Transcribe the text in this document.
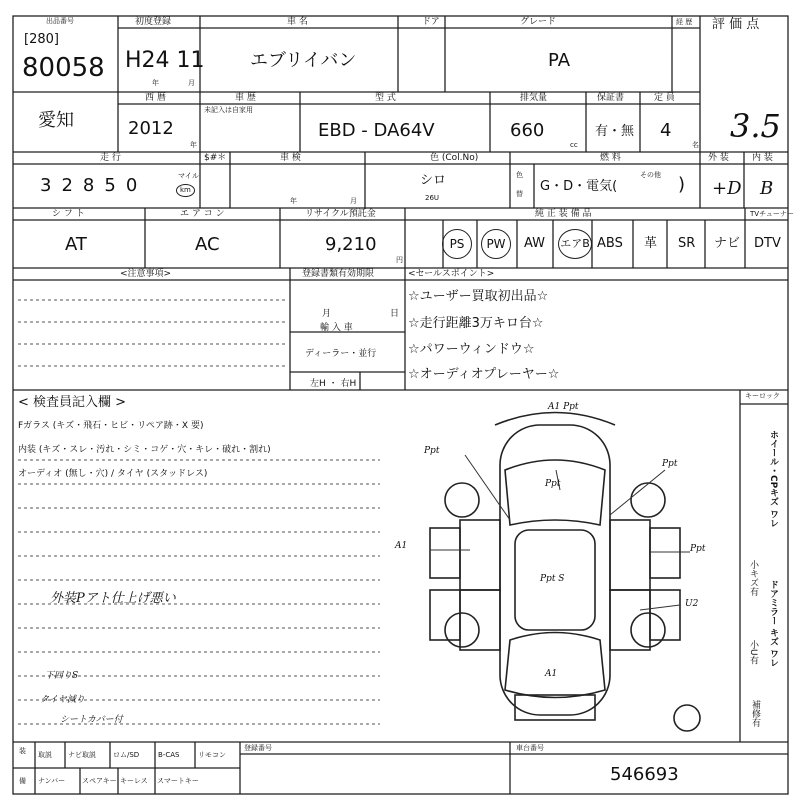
出品番号
[280]
80058
初度登録
H24 11
年	月
車 名
エブリイバン
ドア	グレード
PA
経 歴 評 価 点
愛知
西 暦
2012
年
車 歴
未記入は自家用
型 式
EBD - DA64V
排気量
660
cc
保証書
有・無
定 員
4
名 3.5
走 行
3 2 8 5 0	マイル
km
$#＊	車 検
年	月
色 (Col.No)
シロ
26U
色
替
燃 料
G・D・電気(
その他 )
外 装
+D
内 装
B
シ フ ト
AT
エ ア コ ン
AC
リサイクル預託金
9,210
円
純 正 装 備 品	TVチューナー
PS	PW	AW エアB ABS 革 SR ナビ DTV
<注意事項>	登録書類有効期限
月	日
輸 入 車
ディーラー・並行
左H ・ 右H
<セールスポイント>
☆ユーザー買取初出品☆
☆走行距離3万キロ台☆
☆パワーウィンドウ☆
☆オーディオプレーヤー☆
< 検査員記入欄 >
Fガラス (キズ・飛石・ヒビ・リペア跡・X 要)
内装 (キズ・スレ・汚れ・シミ・コゲ・穴・キレ・破れ・割れ)
オーディオ (無し・穴) / タイヤ (スタッドレス)
外装Pアト仕上げ悪い
下回りS
タイヤ減り
シートカバー付
A1 Ppt
Ppt
Ppt
Ppt
A1	Ppt
Ppt S
U2
A1
キーロック
ホイール・CPキズ ワレ
小キズ有
ドアミラー キズ ワレ
小U有
補修有
装
備
取説 ナビ取説 ロム/SD	B-CAS	リモコン
ナンバー スペアキー キーレス スマートキー
登録番号	車台番号
546693
